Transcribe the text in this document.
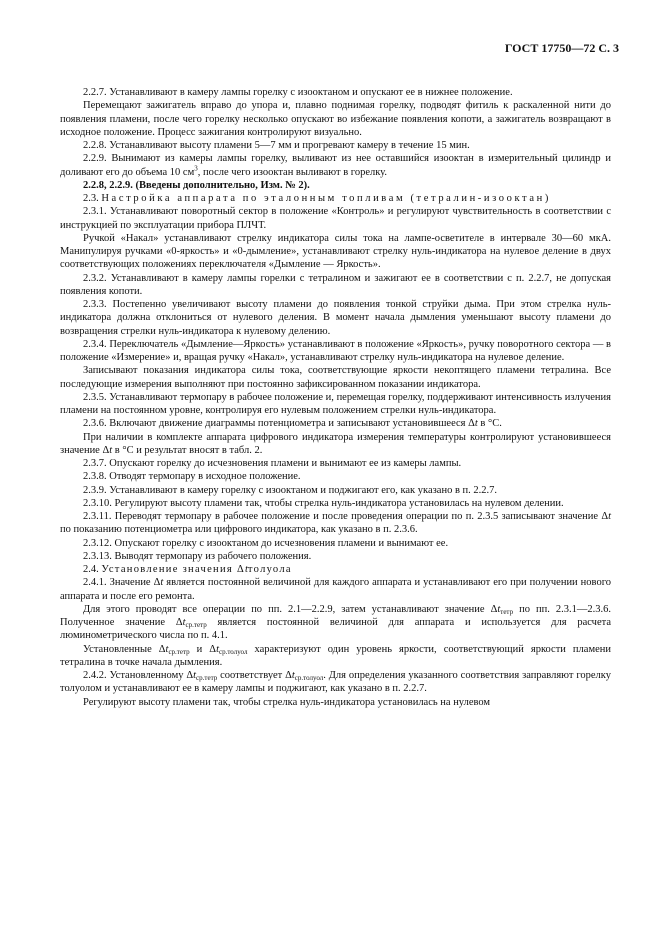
ГОСТ 17750—72 С. 3

2.2.7. Устанавливают в камеру лампы горелку с изооктаном и опускают ее в нижнее положение.

Перемещают зажигатель вправо до упора и, плавно поднимая горелку, подводят фитиль к раскаленной нити до появления пламени, после чего горелку несколько опускают во избежание появления копоти, а зажигатель возвращают в исходное положение. Процесс зажигания контролируют визуально.

2.2.8. Устанавливают высоту пламени 5—7 мм и прогревают камеру в течение 15 мин.

2.2.9. Вынимают из камеры лампы горелку, выливают из нее оставшийся изооктан в измерительный цилиндр и доливают его до объема 10 $см^3$, после чего изооктан выливают в горелку.

2.2.8, 2.2.9. (Введены дополнительно, Изм. № 2).

2.3. Настройка аппарата по эталонным топливам (тетралин-изооктан)

2.3.1. Устанавливают поворотный сектор в положение «Контроль» и регулируют чувствительность в соответствии с инструкцией по эксплуатации прибора ПЛЧТ.

Ручкой «Накал» устанавливают стрелку индикатора силы тока на лампе-осветителе в интервале 30—60 мкА. Манипулируя ручками «0-яркость» и «0-дымление», устанавливают стрелку нуль-индикатора на нулевое деление в двух соответствующих положениях переключателя «Дымление — Яркость».

2.3.2. Устанавливают в камеру лампы горелки с тетралином и зажигают ее в соответствии с п. 2.2.7, не допуская появления копоти.

2.3.3. Постепенно увеличивают высоту пламени до появления тонкой струйки дыма. При этом стрелка нуль-индикатора должна отклониться от нулевого деления. В момент начала дымления уменьшают высоту пламени до возвращения стрелки нуль-индикатора к нулевому делению.

2.3.4. Переключатель «Дымление—Яркость» устанавливают в положение «Яркость», ручку поворотного сектора — в положение «Измерение» и, вращая ручку «Накал», устанавливают стрелку нуль-индикатора на нулевое деление.

Записывают показания индикатора силы тока, соответствующие яркости некоптящего пламени тетралина. Все последующие измерения выполняют при постоянно зафиксированном показании индикатора.

2.3.5. Устанавливают термопару в рабочее положение и, перемещая горелку, поддерживают интенсивность излучения пламени на постоянном уровне, контролируя его нулевым положением стрелки нуль-индикатора.

2.3.6. Включают движение диаграммы потенциометра и записывают установившееся Δt в °С.

При наличии в комплекте аппарата цифрового индикатора измерения температуры контролируют установившееся значение Δt в °С и результат вносят в табл. 2.

2.3.7. Опускают горелку до исчезновения пламени и вынимают ее из камеры лампы.

2.3.8. Отводят термопару в исходное положение.

2.3.9. Устанавливают в камеру горелку с изооктаном и поджигают его, как указано в п. 2.2.7.

2.3.10. Регулируют высоту пламени так, чтобы стрелка нуль-индикатора установилась на нулевом делении.

2.3.11. Переводят термопару в рабочее положение и после проведения операции по п. 2.3.5 записывают значение Δt по показанию потенциометра или цифрового индикатора, как указано в п. 2.3.6.

2.3.12. Опускают горелку с изооктаном до исчезновения пламени и вынимают ее.

2.3.13. Выводят термопару из рабочего положения.

2.4. Установление значения Δtтолуола

2.4.1. Значение Δt является постоянной величиной для каждого аппарата и устанавливают его при получении нового аппарата и после его ремонта.

Для этого проводят все операции по пп. 2.1—2.2.9, затем устанавливают значение $\Delta t_{тетр}$ по пп. 2.3.1—2.3.6. Полученное значение $\Delta t_{ср.тетр}$ является постоянной величиной для аппарата и используется для расчета люминометрического числа по п. 4.1.

Установленные $\Delta t_{ср.тетр}$ и $\Delta t_{ср.толуол}$ характеризуют один уровень яркости, соответствующий яркости пламени тетралина в точке начала дымления.

2.4.2. Установленному $\Delta t_{ср.тетр}$ соответствует $\Delta t_{ср.толуол}$. Для определения указанного соответствия заправляют горелку толуолом и устанавливают ее в камеру лампы и поджигают, как указано в п. 2.2.7.

Регулируют высоту пламени так, чтобы стрелка нуль-индикатора установилась на нулевом
